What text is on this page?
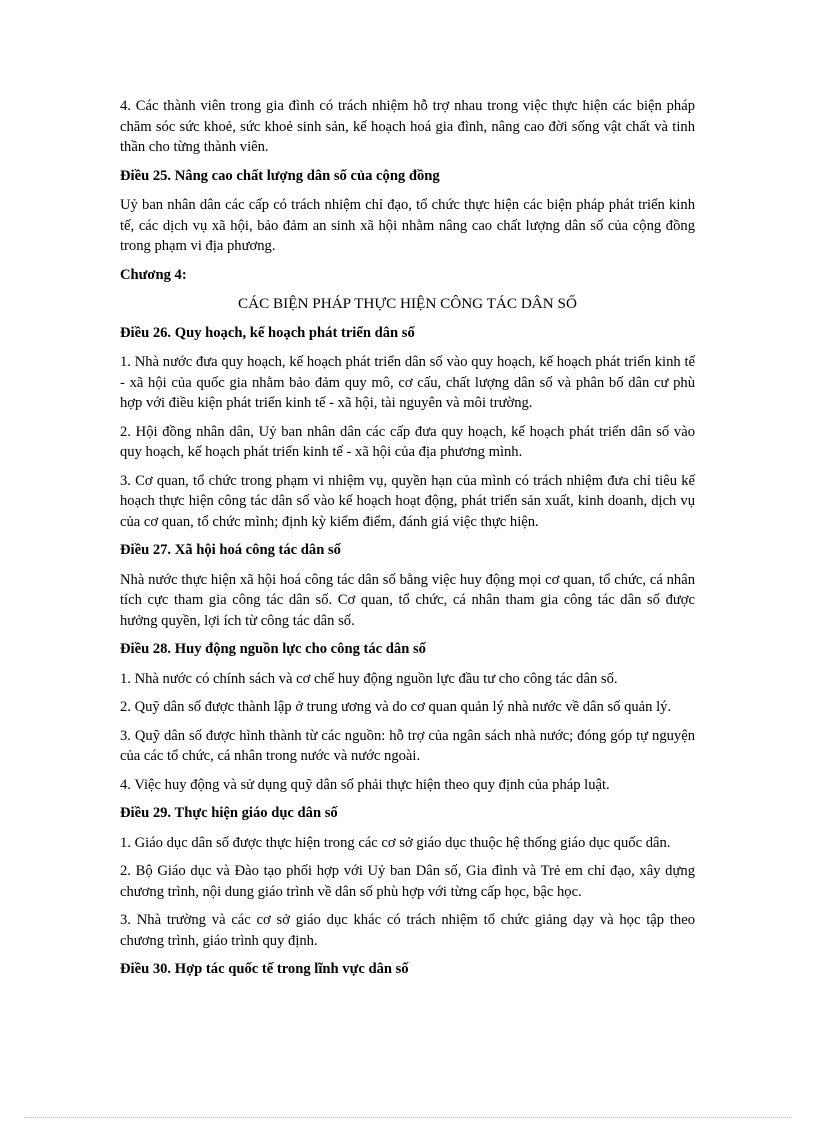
4. Các thành viên trong gia đình có trách nhiệm hỗ trợ nhau trong việc thực hiện các biện pháp chăm sóc sức khoẻ, sức khoẻ sinh sản, kế hoạch hoá gia đình, nâng cao đời sống vật chất và tinh thần cho từng thành viên.

Điều 25. Nâng cao chất lượng dân số của cộng đồng

Uỷ ban nhân dân các cấp có trách nhiệm chỉ đạo, tổ chức thực hiện các biện pháp phát triển kinh tế, các dịch vụ xã hội, bảo đảm an sinh xã hội nhằm nâng cao chất lượng dân số của cộng đồng trong phạm vi địa phương.

Chương 4:

CÁC BIỆN PHÁP THỰC HIỆN CÔNG TÁC DÂN SỐ

Điều 26. Quy hoạch, kế hoạch phát triển dân số

1. Nhà nước đưa quy hoạch, kế hoạch phát triển dân số vào quy hoạch, kế hoạch phát triển kinh tế - xã hội của quốc gia nhằm bảo đảm quy mô, cơ cấu, chất lượng dân số và phân bố dân cư phù hợp với điều kiện phát triển kinh tế - xã hội, tài nguyên và môi trường.

2. Hội đồng nhân dân, Uỷ ban nhân dân các cấp đưa quy hoạch, kế hoạch phát triển dân số vào quy hoạch, kế hoạch phát triển kinh tế - xã hội của địa phương mình.

3. Cơ quan, tổ chức trong phạm vi nhiệm vụ, quyền hạn của mình có trách nhiệm đưa chỉ tiêu kế hoạch thực hiện công tác dân số vào kế hoạch hoạt động, phát triển sản xuất, kinh doanh, dịch vụ của cơ quan, tổ chức mình; định kỳ kiểm điểm, đánh giá việc thực hiện.

Điều 27. Xã hội hoá công tác dân số

Nhà nước thực hiện xã hội hoá công tác dân số bằng việc huy động mọi cơ quan, tổ chức, cá nhân tích cực tham gia công tác dân số. Cơ quan, tổ chức, cá nhân tham gia công tác dân số được hưởng quyền, lợi ích từ công tác dân số.

Điều 28. Huy động nguồn lực cho công tác dân số

1. Nhà nước có chính sách và cơ chế huy động nguồn lực đầu tư cho công tác dân số.

2. Quỹ dân số được thành lập ở trung ương và do cơ quan quản lý nhà nước về dân số quản lý.

3. Quỹ dân số được hình thành từ các nguồn: hỗ trợ của ngân sách nhà nước; đóng góp tự nguyện của các tổ chức, cá nhân trong nước và nước ngoài.

4. Việc huy động và sử dụng quỹ dân số phải thực hiện theo quy định của pháp luật.

Điều 29. Thực hiện giáo dục dân số

1. Giáo dục dân số được thực hiện trong các cơ sở giáo dục thuộc hệ thống giáo dục quốc dân.

2. Bộ Giáo dục và Đào tạo phối hợp với Uỷ ban Dân số, Gia đình và Trẻ em chỉ đạo, xây dựng chương trình, nội dung giáo trình về dân số phù hợp với từng cấp học, bậc học.

3. Nhà trường và các cơ sở giáo dục khác có trách nhiệm tổ chức giảng dạy và học tập theo chương trình, giáo trình quy định.

Điều 30. Hợp tác quốc tế trong lĩnh vực dân số
